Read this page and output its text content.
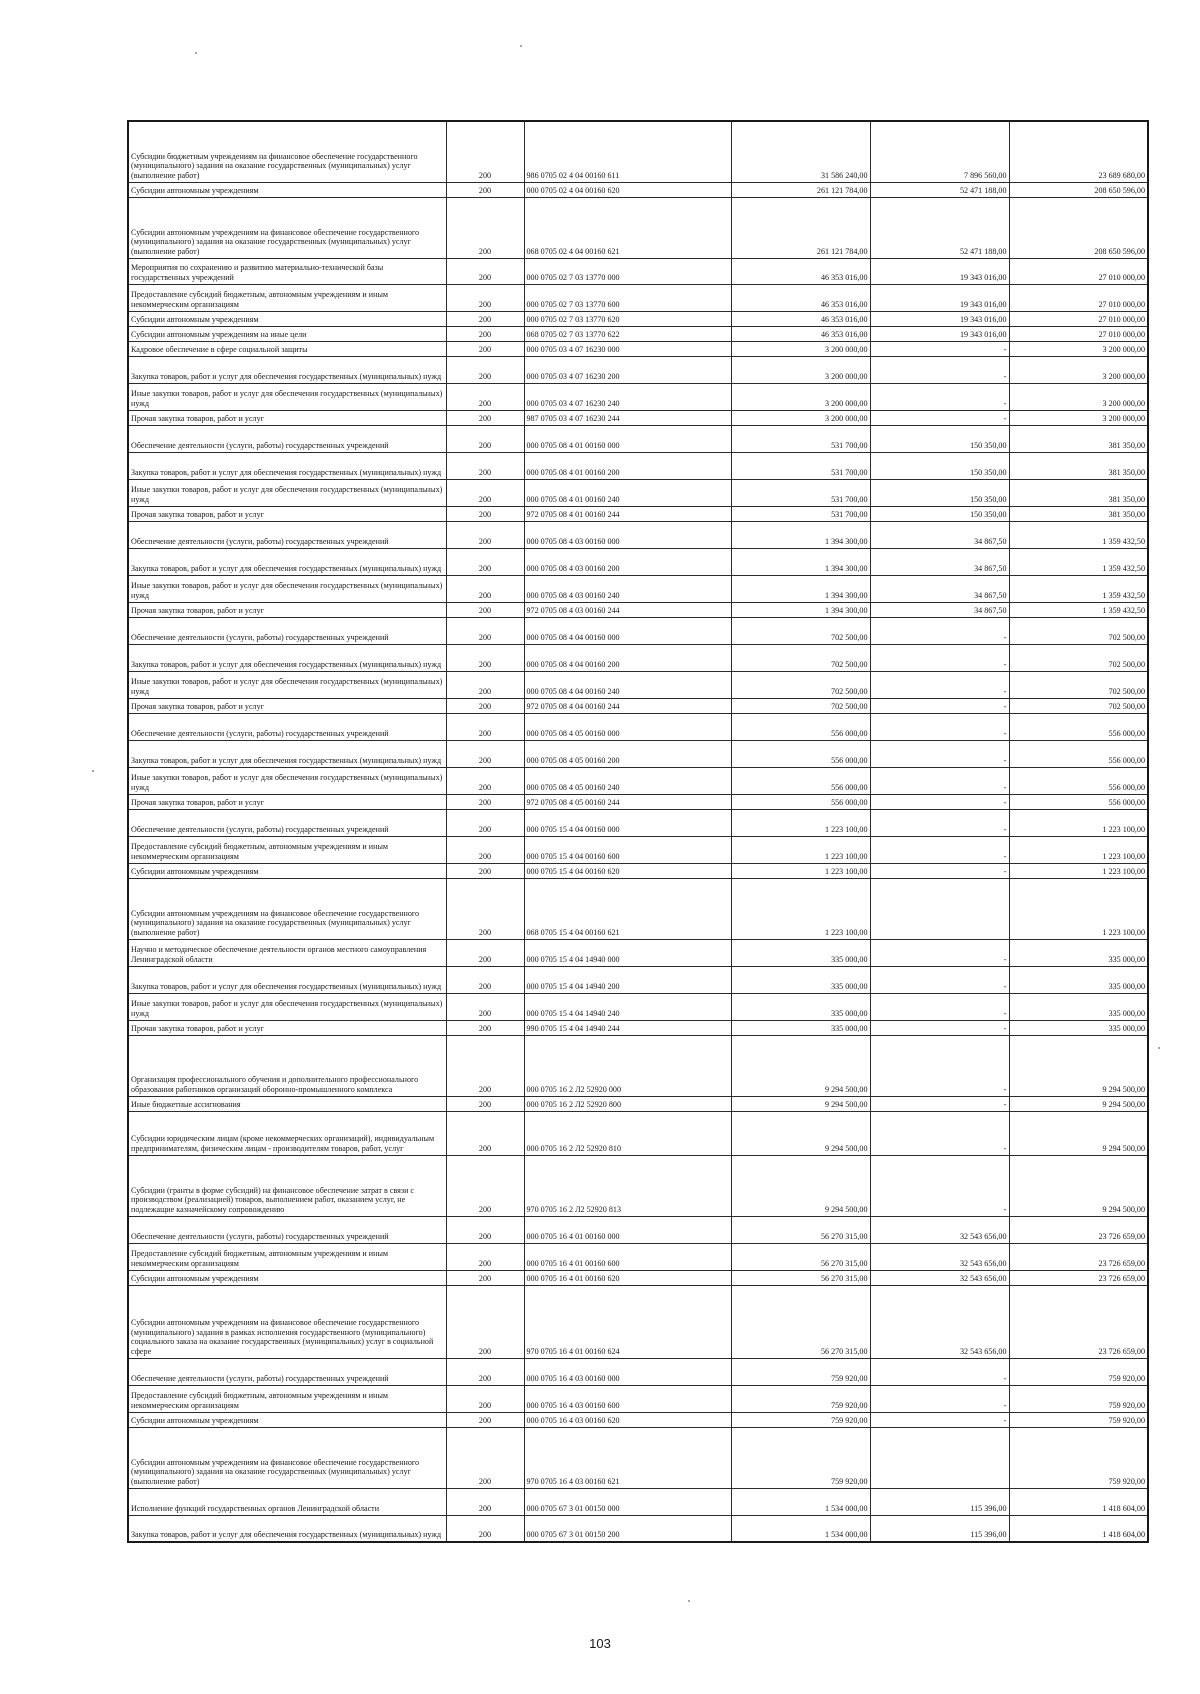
Субсидии бюджетным учреждениям на финансовое обеспечение государственного (муниципального) задания на оказание государственных (муниципальных) услуг (выполнение работ)	200	986 0705 02 4 04 00160 611	31 586 240,00	7 896 560,00	23 689 680,00
Субсидии автономным учреждениям	200	000 0705 02 4 04 00160 620	261 121 784,00	52 471 188,00	208 650 596,00
Субсидии автономным учреждениям на финансовое обеспечение государственного (муниципального) задания на оказание государственных (муниципальных) услуг (выполнение работ)	200	068 0705 02 4 04 00160 621	261 121 784,00	52 471 188,00	208 650 596,00
Мероприятия по сохранению и развитию материально-технической базы государственных учреждений	200	000 0705 02 7 03 13770 000	46 353 016,00	19 343 016,00	27 010 000,00
Предоставление субсидий бюджетным, автономным учреждениям и иным некоммерческим организациям	200	000 0705 02 7 03 13770 600	46 353 016,00	19 343 016,00	27 010 000,00
Субсидии автономным учреждениям	200	000 0705 02 7 03 13770 620	46 353 016,00	19 343 016,00	27 010 000,00
Субсидии автономным учреждениям на иные цели	200	068 0705 02 7 03 13770 622	46 353 016,00	19 343 016,00	27 010 000,00
Кадровое обеспечение в сфере социальной защиты	200	000 0705 03 4 07 16230 000	3 200 000,00	-	3 200 000,00
Закупка товаров, работ и услуг для обеспечения государственных (муниципальных) нужд	200	000 0705 03 4 07 16230 200	3 200 000,00	-	3 200 000,00
Иные закупки товаров, работ и услуг для обеспечения государственных (муниципальных) нужд	200	000 0705 03 4 07 16230 240	3 200 000,00	-	3 200 000,00
Прочая закупка товаров, работ и услуг	200	987 0705 03 4 07 16230 244	3 200 000,00	-	3 200 000,00
Обеспечение деятельности (услуги, работы) государственных учреждений	200	000 0705 08 4 01 00160 000	531 700,00	150 350,00	381 350,00
Закупка товаров, работ и услуг для обеспечения государственных (муниципальных) нужд	200	000 0705 08 4 01 00160 200	531 700,00	150 350,00	381 350,00
Иные закупки товаров, работ и услуг для обеспечения государственных (муниципальных) нужд	200	000 0705 08 4 01 00160 240	531 700,00	150 350,00	381 350,00
Прочая закупка товаров, работ и услуг	200	972 0705 08 4 01 00160 244	531 700,00	150 350,00	381 350,00
Обеспечение деятельности (услуги, работы) государственных учреждений	200	000 0705 08 4 03 00160 000	1 394 300,00	34 867,50	1 359 432,50
Закупка товаров, работ и услуг для обеспечения государственных (муниципальных) нужд	200	000 0705 08 4 03 00160 200	1 394 300,00	34 867,50	1 359 432,50
Иные закупки товаров, работ и услуг для обеспечения государственных (муниципальных) нужд	200	000 0705 08 4 03 00160 240	1 394 300,00	34 867,50	1 359 432,50
Прочая закупка товаров, работ и услуг	200	972 0705 08 4 03 00160 244	1 394 300,00	34 867,50	1 359 432,50
Обеспечение деятельности (услуги, работы) государственных учреждений	200	000 0705 08 4 04 00160 000	702 500,00	-	702 500,00
Закупка товаров, работ и услуг для обеспечения государственных (муниципальных) нужд	200	000 0705 08 4 04 00160 200	702 500,00	-	702 500,00
Иные закупки товаров, работ и услуг для обеспечения государственных (муниципальных) нужд	200	000 0705 08 4 04 00160 240	702 500,00	-	702 500,00
Прочая закупка товаров, работ и услуг	200	972 0705 08 4 04 00160 244	702 500,00	-	702 500,00
Обеспечение деятельности (услуги, работы) государственных учреждений	200	000 0705 08 4 05 00160 000	556 000,00	-	556 000,00
Закупка товаров, работ и услуг для обеспечения государственных (муниципальных) нужд	200	000 0705 08 4 05 00160 200	556 000,00	-	556 000,00
Иные закупки товаров, работ и услуг для обеспечения государственных (муниципальных) нужд	200	000 0705 08 4 05 00160 240	556 000,00	-	556 000,00
Прочая закупка товаров, работ и услуг	200	972 0705 08 4 05 00160 244	556 000,00	-	556 000,00
Обеспечение деятельности (услуги, работы) государственных учреждений	200	000 0705 15 4 04 00160 000	1 223 100,00	-	1 223 100,00
Предоставление субсидий бюджетным, автономным учреждениям и иным некоммерческим организациям	200	000 0705 15 4 04 00160 600	1 223 100,00	-	1 223 100,00
Субсидии автономным учреждениям	200	000 0705 15 4 04 00160 620	1 223 100,00	-	1 223 100,00
Субсидии автономным учреждениям на финансовое обеспечение государственного (муниципального) задания на оказание государственных (муниципальных) услуг (выполнение работ)	200	068 0705 15 4 04 00160 621	1 223 100,00		1 223 100,00
Научно и методическое обеспечение деятельности органов местного самоуправления Ленинградской области	200	000 0705 15 4 04 14940 000	335 000,00	-	335 000,00
Закупка товаров, работ и услуг для обеспечения государственных (муниципальных) нужд	200	000 0705 15 4 04 14940 200	335 000,00	-	335 000,00
Иные закупки товаров, работ и услуг для обеспечения государственных (муниципальных) нужд	200	000 0705 15 4 04 14940 240	335 000,00	-	335 000,00
Прочая закупка товаров, работ и услуг	200	990 0705 15 4 04 14940 244	335 000,00	-	335 000,00
Организация профессионального обучения и дополнительного профессионального образования работников организаций оборонно-промышленного комплекса	200	000 0705 16 2 Л2 52920 000	9 294 500,00	-	9 294 500,00
Иные бюджетные ассигнования	200	000 0705 16 2 Л2 52920 800	9 294 500,00	-	9 294 500,00
Субсидии юридическим лицам (кроме некоммерческих организаций), индивидуальным предпринимателям, физическим лицам - производителям товаров, работ, услуг	200	000 0705 16 2 Л2 52920 810	9 294 500,00	-	9 294 500,00
Субсидии (гранты в форме субсидий) на финансовое обеспечение затрат в связи с производством (реализацией) товаров, выполнением работ, оказанием услуг, не подлежащие казначейскому сопровождению	200	970 0705 16 2 Л2 52920 813	9 294 500,00	-	9 294 500,00
Обеспечение деятельности (услуги, работы) государственных учреждений	200	000 0705 16 4 01 00160 000	56 270 315,00	32 543 656,00	23 726 659,00
Предоставление субсидий бюджетным, автономным учреждениям и иным некоммерческим организациям	200	000 0705 16 4 01 00160 600	56 270 315,00	32 543 656,00	23 726 659,00
Субсидии автономным учреждениям	200	000 0705 16 4 01 00160 620	56 270 315,00	32 543 656,00	23 726 659,00
Субсидии автономным учреждениям на финансовое обеспечение государственного (муниципального) задания в рамках исполнения государственного (муниципального) социального заказа на оказание государственных (муниципальных) услуг в социальной сфере	200	970 0705 16 4 01 00160 624	56 270 315,00	32 543 656,00	23 726 659,00
Обеспечение деятельности (услуги, работы) государственных учреждений	200	000 0705 16 4 03 00160 000	759 920,00	-	759 920,00
Предоставление субсидий бюджетным, автономным учреждениям и иным некоммерческим организациям	200	000 0705 16 4 03 00160 600	759 920,00	-	759 920,00
Субсидии автономным учреждениям	200	000 0705 16 4 03 00160 620	759 920,00	-	759 920,00
Субсидии автономным учреждениям на финансовое обеспечение государственного (муниципального) задания на оказание государственных (муниципальных) услуг (выполнение работ)	200	970 0705 16 4 03 00160 621	759 920,00		759 920,00
Исполнение функций государственных органов Ленинградской области	200	000 0705 67 3 01 00150 000	1 534 000,00	115 396,00	1 418 604,00
Закупка товаров, работ и услуг для обеспечения государственных (муниципальных) нужд	200	000 0705 67 3 01 00150 200	1 534 000,00	115 396,00	1 418 604,00
103
